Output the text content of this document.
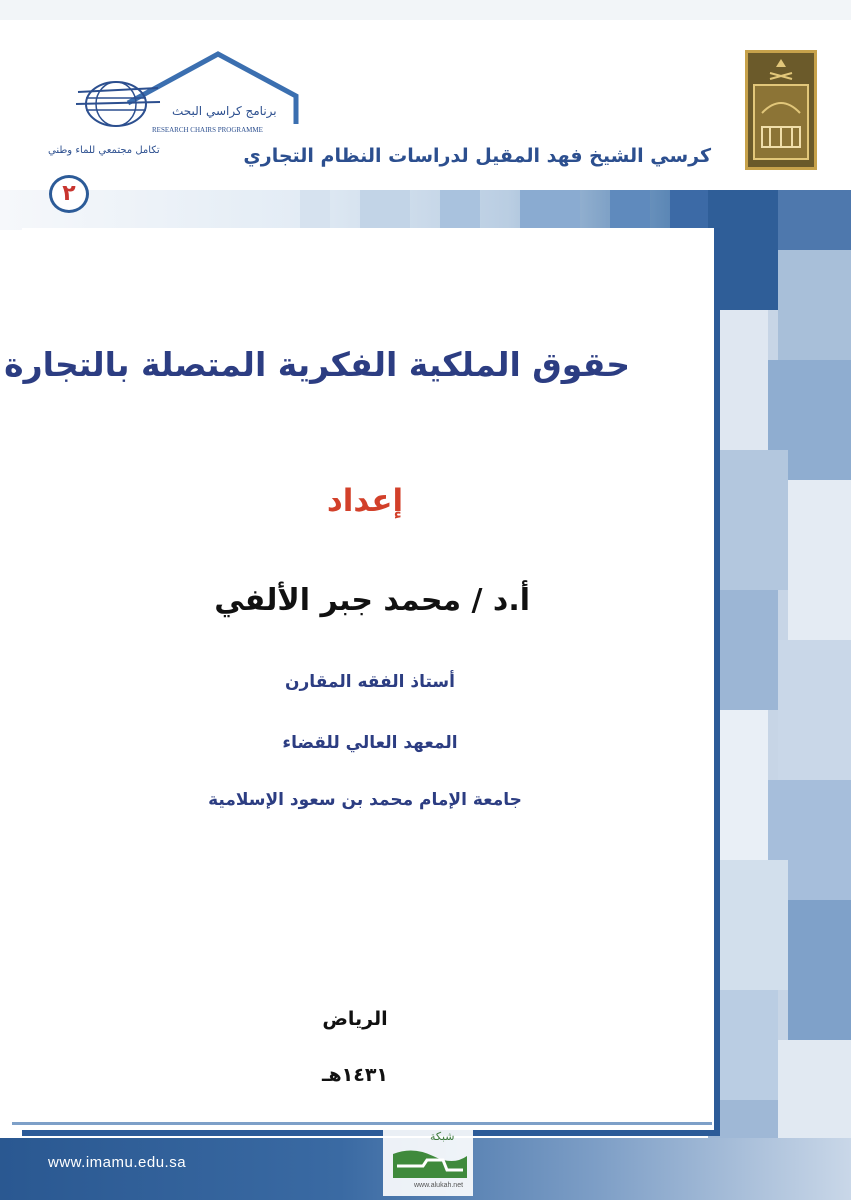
برنامج كراسي البحث
RESEARCH CHAIRS PROGRAMME
تكامل مجتمعي للماء وطني	كرسي الشيخ فهد المقيل لدراسات النظام التجاري
٢
حقوق الملكية الفكرية المتصلة بالتجارة
إعداد
أ.د / محمد جبر الألفي
أستاذ الفقه المقارن
المعهد العالي للقضاء
جامعة الإمام محمد بن سعود الإسلامية
الرياض
١٤٣١هـ
www.imamu.edu.sa
شبكة
www.alukah.net
